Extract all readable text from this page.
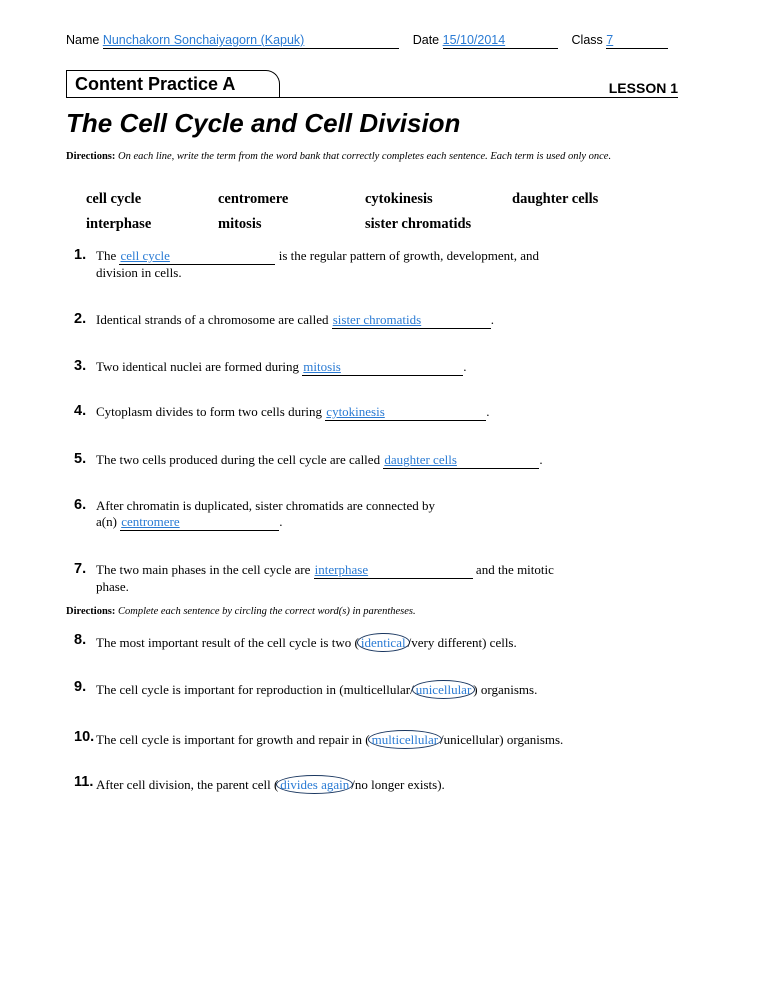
Name Nunchakorn Sonchaiyagorn (Kapuk)	Date 15/10/2014	Class 7
Content Practice A	LESSON 1
The Cell Cycle and Cell Division
Directions: On each line, write the term from the word bank that correctly completes each sentence. Each term is used only once.
cell cycle	centromere	cytokinesis	daughter cells
interphase	mitosis	sister chromatids
1. The cell cycle	is the regular pattern of growth, development, and
division in cells.
2. Identical strands of a chromosome are called sister chromatids	.
3. Two identical nuclei are formed during mitosis	.
4. Cytoplasm divides to form two cells during cytokinesis	.
5. The two cells produced during the cell cycle are called daughter cells	.
6. After chromatin is duplicated, sister chromatids are connected by
a(n) centromere	.
7. The two main phases in the cell cycle are interphase	and the mitotic
phase.
Directions: Complete each sentence by circling the correct word(s) in parentheses.
8. The most important result of the cell cycle is two ( identical /very different) cells.
9. The cell cycle is important for reproduction in (multicellular/ unicellular ) organisms.
10. The cell cycle is important for growth and repair in ( multicellular /unicellular) organisms.
11. After cell division, the parent cell ( divides again /no longer exists).
